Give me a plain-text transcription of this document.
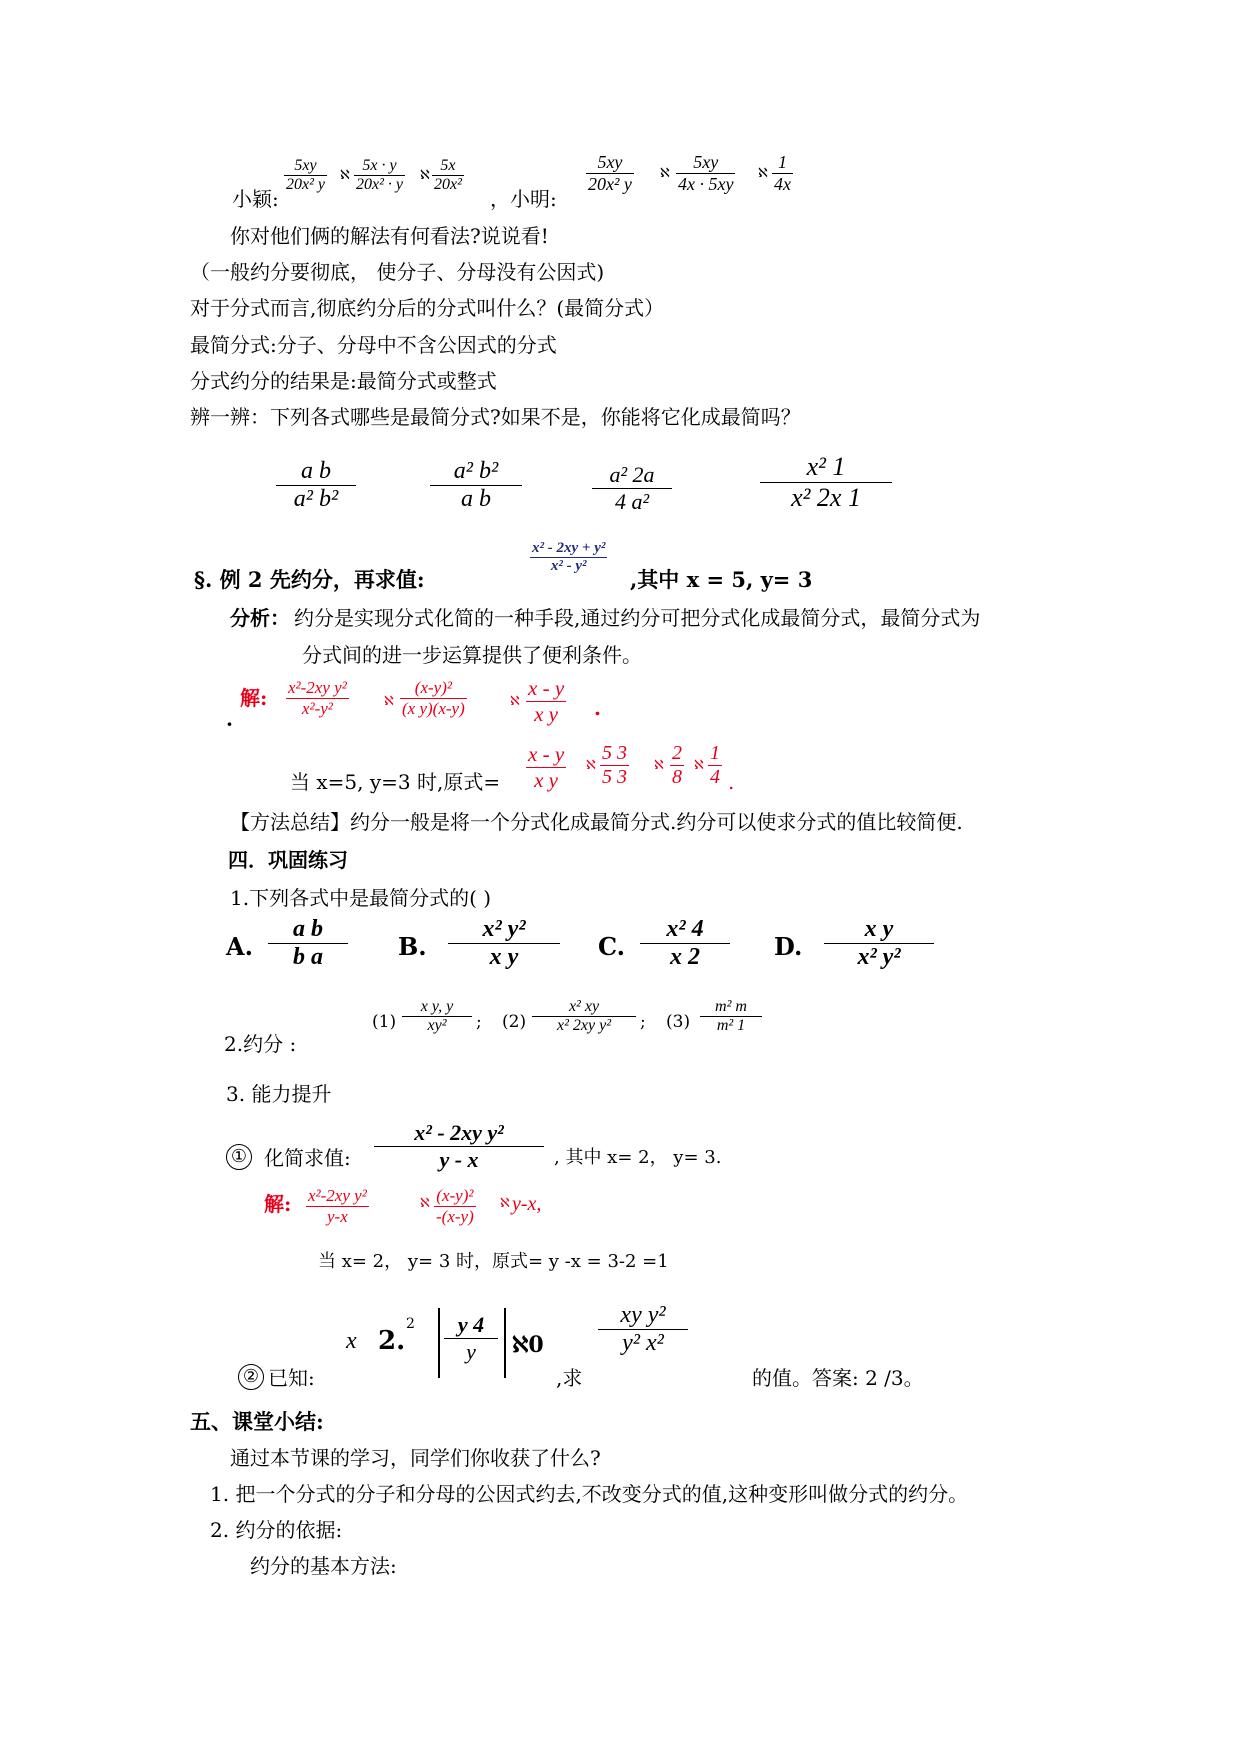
小颖:
5xy
20x² y
ℵ
5x · y
20x² · y
ℵ
5x
20x²
，小明:
5xy
20x² y
ℵ
5xy
4x · 5xy
ℵ
1
4x
你对他们俩的解法有何看法?说说看!
（一般约分要彻底， 使分子、分母没有公因式)
对于分式而言,彻底约分后的分式叫什么？(最简分式）
最简分式:分子、分母中不含公因式的分式
分式约分的结果是:最简分式或整式
辨一辨：下列各式哪些是最简分式?如果不是，你能将它化成最简吗？
a b
a² b²
a² b²
a b
a² 2a
4 a²
x² 1
x² 2x 1
§. 例 2 先约分，再求值:
x² - 2xy + y²
x² - y²
,其中 x = 5, y= 3
分析： 约分是实现分式化简的一种手段,通过约分可把分式化成最简分式，最简分式为
分式间的进一步运算提供了便利条件。
解:
·
x²-2xy y²
x²-y²	ℵ
(x-y)²
(x y)(x-y)	ℵ
x - y
x y .
当 x=5, y=3 时,原式=
x - y
x y
ℵ
5 3
5 3
ℵ
2
8
ℵ
1
4 .
【方法总结】约分一般是将一个分式化成最简分式.约分可以使求分式的值比较简便.
四．巩固练习
1.下列各式中是最简分式的( )
A.
a b
b a	B.
x² y²
x y	C.
x² 4
x 2	D.
x y
x² y²
2.约分 :
(1)
x y, y
xy² ; (2)
x² xy
x² 2xy y² ; (3)
m² m
m² 1
3. 能力提升
① 化简求值:
x² - 2xy y²
y - x	, 其中 x= 2， y= 3.
解: x²-2xy y²
y-x
ℵ (x-y)²
-(x-y)
ℵ y-x,
当 x= 2， y= 3 时，原式= y -x = 3-2 =1
② 已知:
x 2.
2 y 4
y ℵ0
,求
xy y²
y² x²
的值。答案: 2 /3。
五、课堂小结:
通过本节课的学习，同学们你收获了什么?
1. 把一个分式的分子和分母的公因式约去,不改变分式的值,这种变形叫做分式的约分。
2. 约分的依据:
约分的基本方法:
